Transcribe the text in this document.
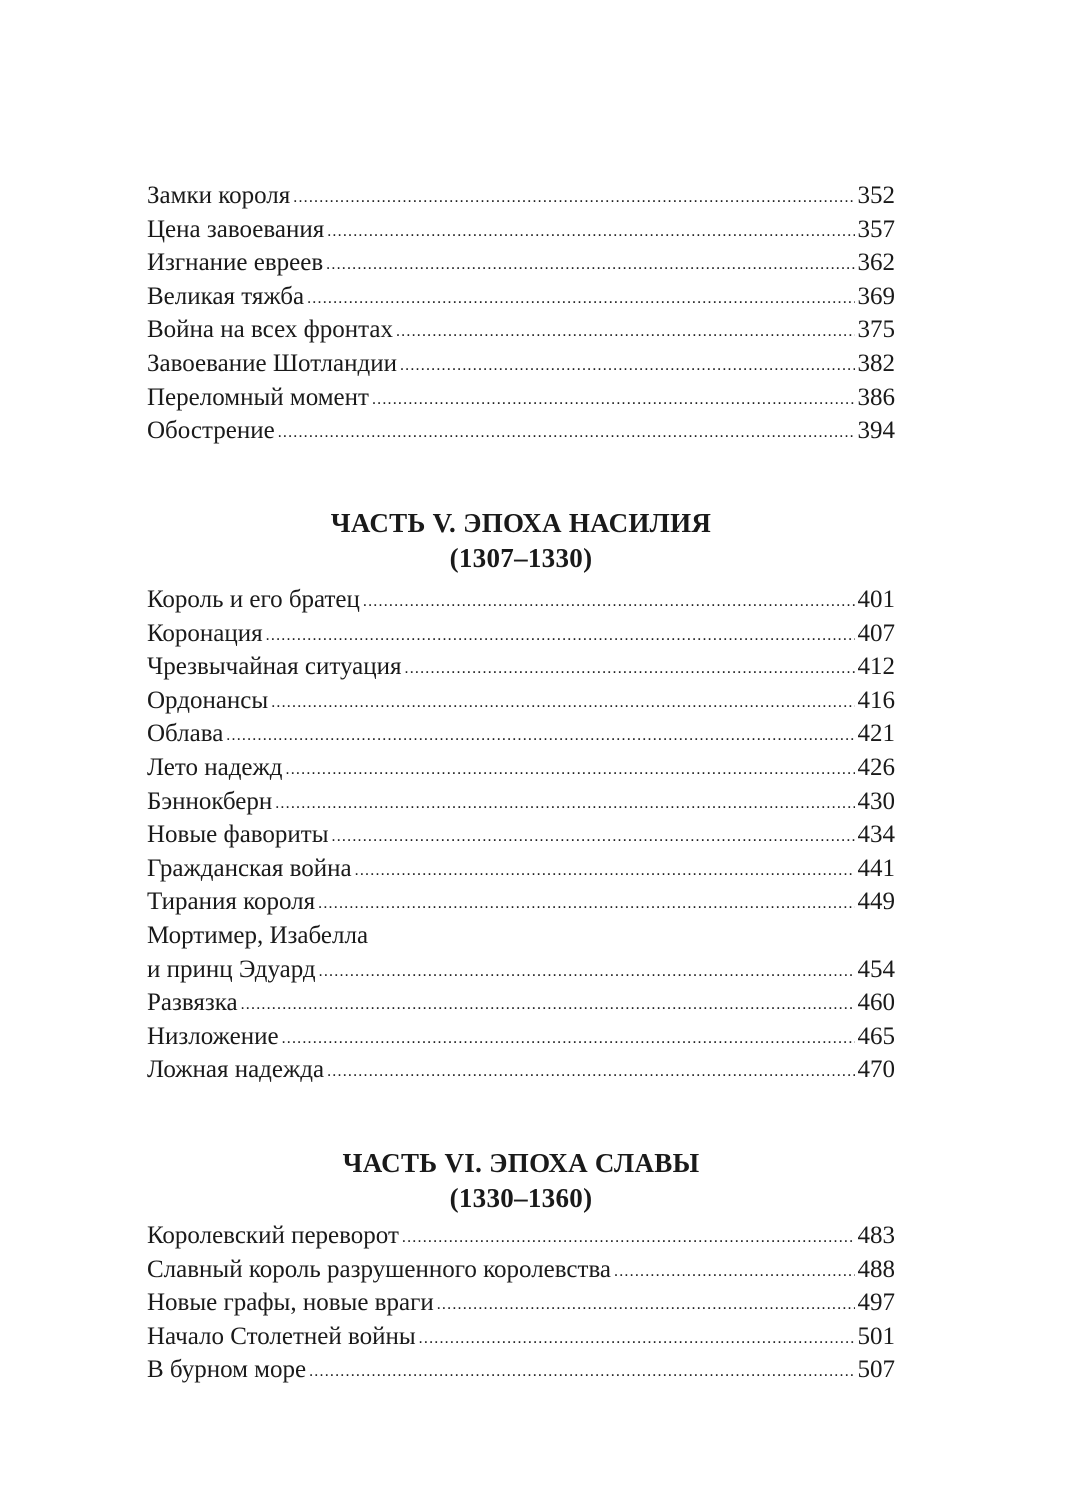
Замки короля .....	352
Цена завоевания .....	357
Изгнание евреев .....	362
Великая тяжба .....	369
Война на всех фронтах .....	375
Завоевание Шотландии .....	382
Переломный момент .....	386
Обострение .....	394
ЧАСТЬ V. ЭПОХА НАСИЛИЯ
(1307–1330)
Король и его братец .....	401
Коронация .....	407
Чрезвычайная ситуация .....	412
Ордонансы .....	416
Облава .....	421
Лето надежд .....	426
Бэннокберн .....	430
Новые фавориты .....	434
Гражданская война .....	441
Тирания короля .....	449
Мортимер, Изабелла
и принц Эдуард .....	454
Развязка .....	460
Низложение .....	465
Ложная надежда .....	470
ЧАСТЬ VI. ЭПОХА СЛАВЫ
(1330–1360)
Королевский переворот .....	483
Славный король разрушенного королевства .....	488
Новые графы, новые враги .....	497
Начало Столетней войны .....	501
В бурном море .....	507
